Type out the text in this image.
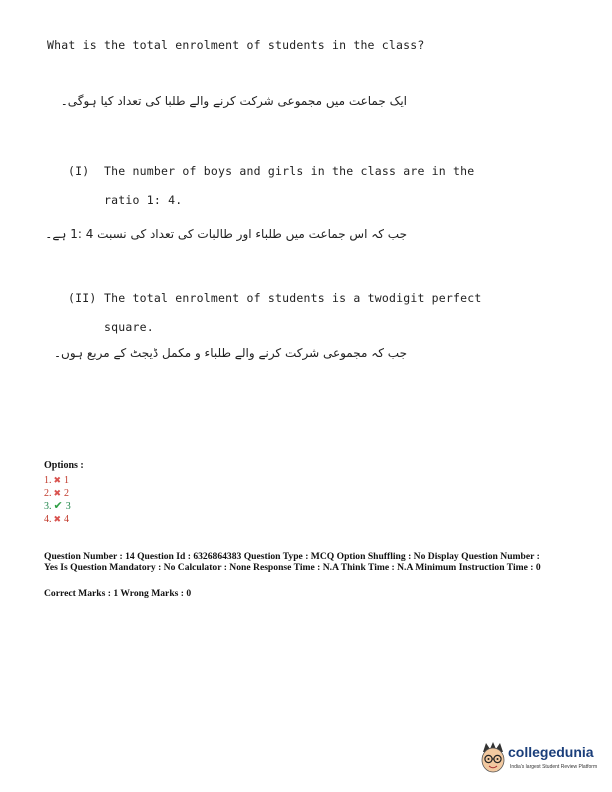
What is the total enrolment of students in the class?
ایک جماعت میں مجموعی شرکت کرنے والے طلبا کی تعداد کیا ہوگی۔
(I) The number of boys and girls in the class are in the
ratio 1: 4.
جب کہ اس جماعت میں طلباء اور طالبات کی تعداد کی نسبت 4 :1 ہے۔
(II) The total enrolment of students is a twodigit perfect
square.
جب کہ مجموعی شرکت کرنے والے طلباء و مکمل ڈیجٹ کے مربع ہوں۔
Options :
1. ✖ 1
2. ✖ 2
3. ✔ 3
4. ✖ 4
Question Number : 14 Question Id : 6326864383 Question Type : MCQ Option Shuffling : No Display Question Number : Yes Is Question Mandatory : No Calculator : None Response Time : N.A Think Time : N.A Minimum Instruction Time : 0
Correct Marks : 1 Wrong Marks : 0
collegedunia
India's largest Student Review Platform
